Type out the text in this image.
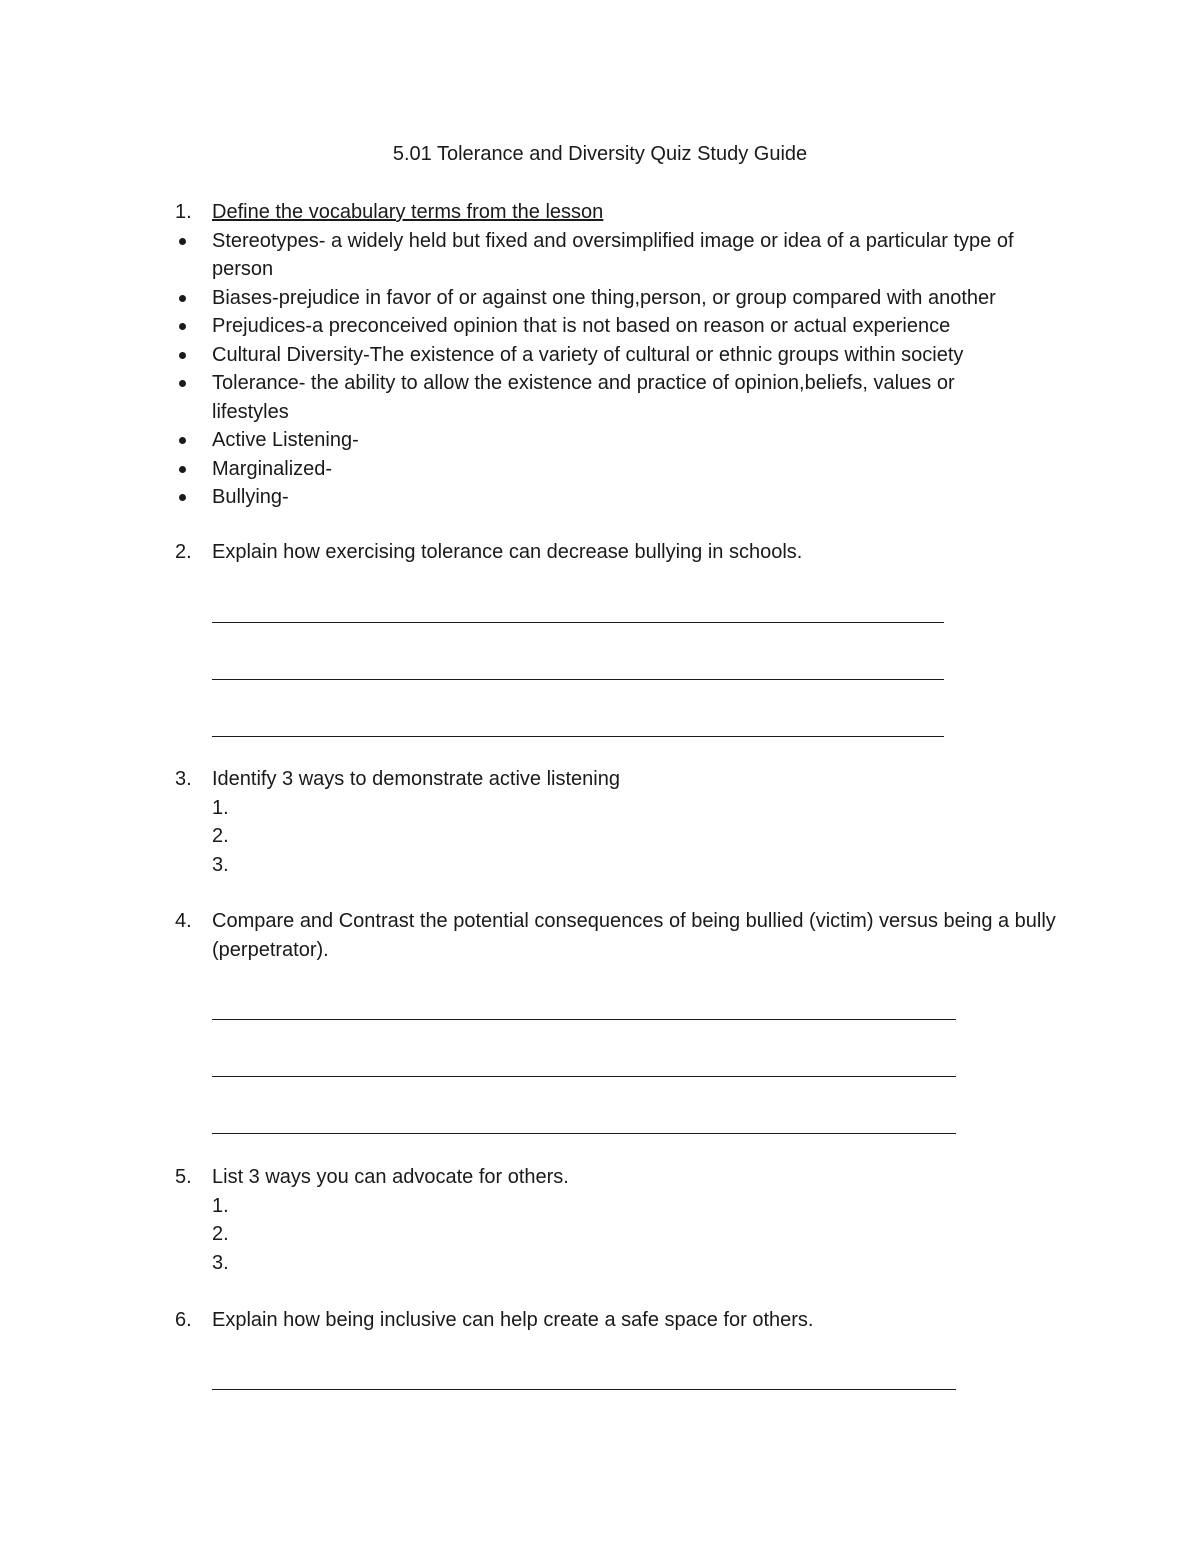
5.01 Tolerance and Diversity Quiz Study Guide
1.	Define the vocabulary terms from the lesson
Stereotypes- a widely held but fixed and oversimplified image or idea of a particular type of person
Biases-prejudice in favor of or against one thing,person, or group compared with another
Prejudices-a preconceived opinion that is not based on reason or actual experience
Cultural Diversity-The existence of a variety of cultural or ethnic groups within society
Tolerance- the ability to allow the existence and practice of opinion,beliefs, values or lifestyles
Active Listening-
Marginalized-
Bullying-
2.	Explain how exercising tolerance can decrease bullying in schools.
3.	Identify 3 ways to demonstrate active listening
1.
2.
3.
4.	Compare and Contrast the potential consequences of being bullied (victim) versus being a bully (perpetrator).
5.	List 3 ways you can advocate for others.
1.
2.
3.
6.	Explain how being inclusive can help create a safe space for others.
